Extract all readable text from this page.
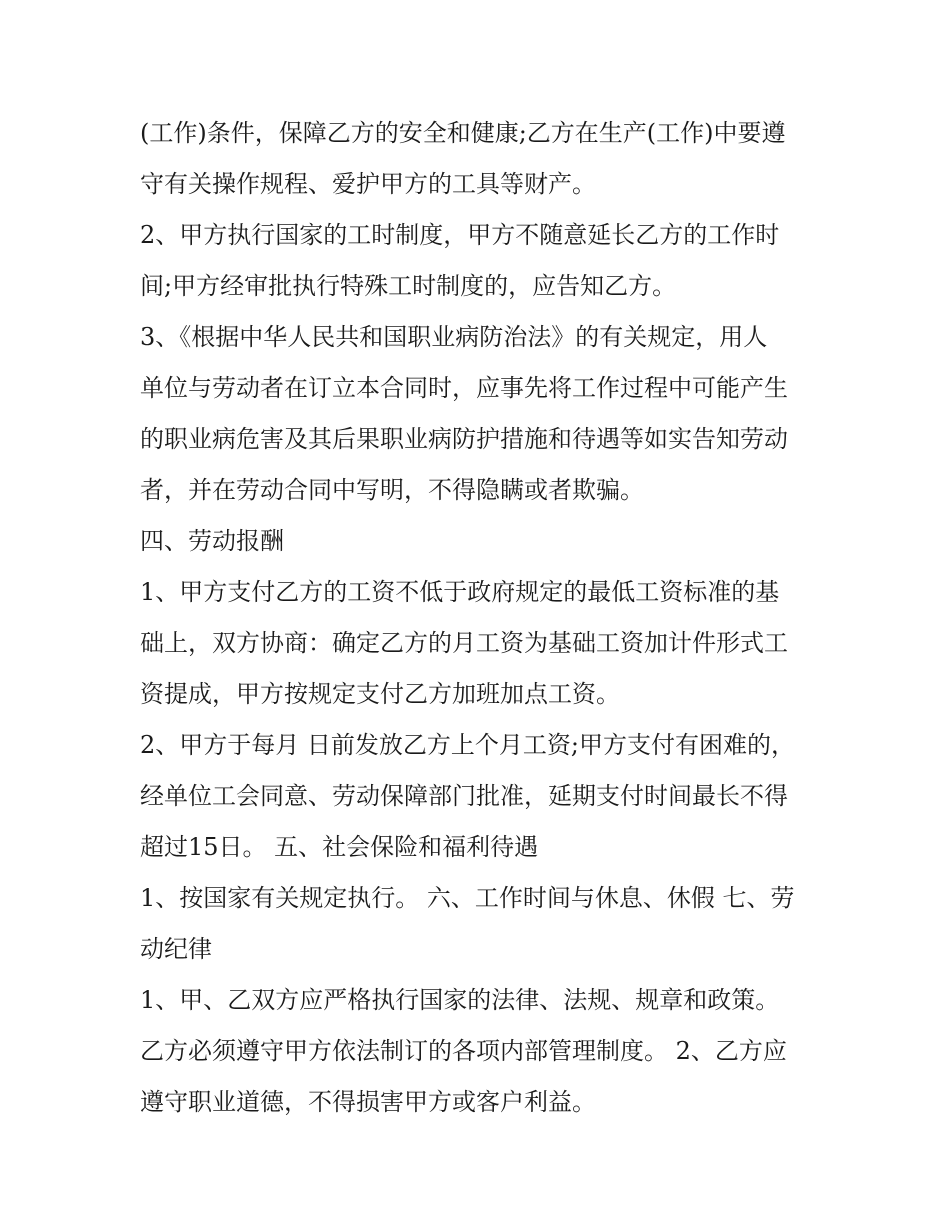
(工作)条件，保障乙方的安全和健康;乙方在生产(工作)中要遵
守有关操作规程、爱护甲方的工具等财产。
2、甲方执行国家的工时制度，甲方不随意延长乙方的工作时
间;甲方经审批执行特殊工时制度的，应告知乙方。
3、《根据中华人民共和国职业病防治法》的有关规定，用人
单位与劳动者在订立本合同时，应事先将工作过程中可能产生
的职业病危害及其后果职业病防护措施和待遇等如实告知劳动
者，并在劳动合同中写明，不得隐瞒或者欺骗。
四、劳动报酬
1、甲方支付乙方的工资不低于政府规定的最低工资标准的基
础上，双方协商：确定乙方的月工资为基础工资加计件形式工
资提成，甲方按规定支付乙方加班加点工资。
2、甲方于每月 日前发放乙方上个月工资;甲方支付有困难的，
经单位工会同意、劳动保障部门批准，延期支付时间最长不得
超过15日。 五、社会保险和福利待遇
1、按国家有关规定执行。 六、工作时间与休息、休假 七、劳
动纪律
1、甲、乙双方应严格执行国家的法律、法规、规章和政策。
乙方必须遵守甲方依法制订的各项内部管理制度。 2、乙方应
遵守职业道德，不得损害甲方或客户利益。
